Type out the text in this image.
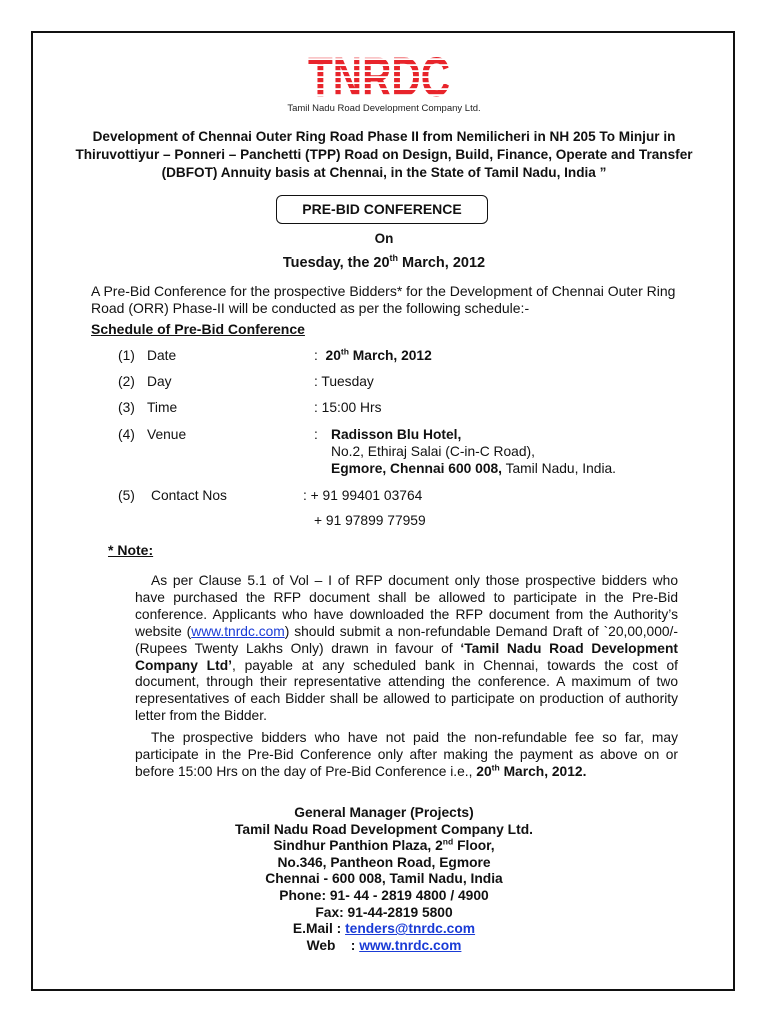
TNRDC
Tamil Nadu Road Development Company Ltd.
Development of Chennai Outer Ring Road Phase II from Nemilicheri in NH 205 To Minjur in Thiruvottiyur – Ponneri – Panchetti (TPP) Road on Design, Build, Finance, Operate and Transfer (DBFOT) Annuity basis at Chennai, in the State of Tamil Nadu, India ”
PRE-BID CONFERENCE
On
Tuesday, the 20th March, 2012
A Pre-Bid Conference for the prospective Bidders* for the Development of Chennai Outer Ring Road (ORR) Phase-II will be conducted as per the following schedule:-
Schedule of Pre-Bid Conference
(1) Date	: 20th March, 2012
(2) Day	: Tuesday
(3) Time	: 15:00 Hrs
(4) Venue	: Radisson Blu Hotel,
No.2, Ethiraj Salai (C-in-C Road),
Egmore, Chennai 600 008, Tamil Nadu, India.
(5) Contact Nos	: + 91 99401 03764
+ 91 97899 77959
* Note:
As per Clause 5.1 of Vol – I of RFP document only those prospective bidders who have purchased the RFP document shall be allowed to participate in the Pre-Bid conference. Applicants who have downloaded the RFP document from the Authority’s website (www.tnrdc.com) should submit a non-refundable Demand Draft of `20,00,000/- (Rupees Twenty Lakhs Only) drawn in favour of ‘Tamil Nadu Road Development Company Ltd’, payable at any scheduled bank in Chennai, towards the cost of document, through their representative attending the conference. A maximum of two representatives of each Bidder shall be allowed to participate on production of authority letter from the Bidder.
The prospective bidders who have not paid the non-refundable fee so far, may participate in the Pre-Bid Conference only after making the payment as above on or before 15:00 Hrs on the day of Pre-Bid Conference i.e., 20th March, 2012.
General Manager (Projects)
Tamil Nadu Road Development Company Ltd.
Sindhur Panthion Plaza, 2nd Floor,
No.346, Pantheon Road, Egmore
Chennai - 600 008, Tamil Nadu, India
Phone: 91- 44 - 2819 4800 / 4900
Fax: 91-44-2819 5800
E.Mail : tenders@tnrdc.com
Web    : www.tnrdc.com
